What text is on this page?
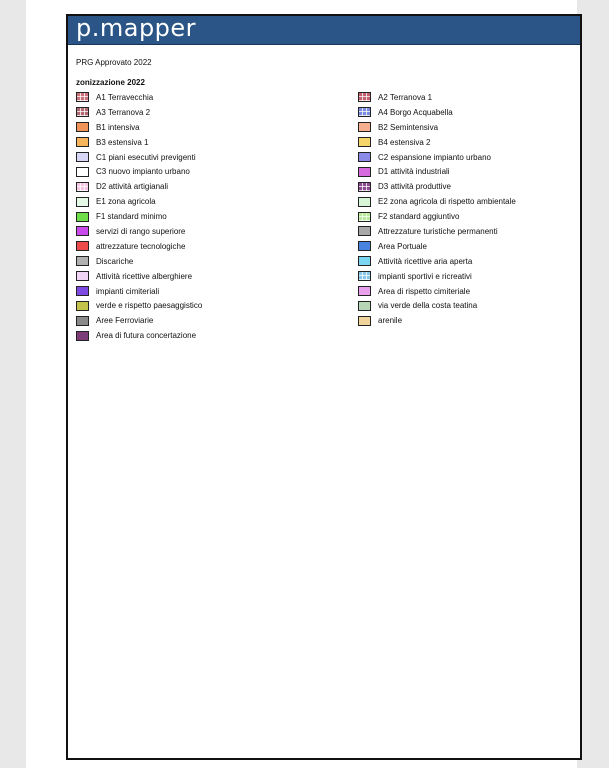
p.mapper
PRG Approvato 2022
zonizzazione 2022
A1 Terravecchia
A3 Terranova 2
B1 intensiva
B3 estensiva 1
C1 piani esecutivi previgenti
C3 nuovo impianto urbano
D2 attività artigianali
E1 zona agricola
F1 standard minimo
servizi di rango superiore
attrezzature tecnologiche
Discariche
Attività ricettive alberghiere
impianti cimiteriali
verde e rispetto paesaggistico
Aree Ferroviarie
Area di futura concertazione
A2 Terranova 1
A4 Borgo Acquabella
B2 Semintensiva
B4 estensiva 2
C2 espansione impianto urbano
D1 attività industriali
D3 attività produttive
E2 zona agricola di rispetto ambientale
F2 standard aggiuntivo
Attrezzature turistiche permanenti
Area Portuale
Attività ricettive aria aperta
impianti sportivi e ricreativi
Area di rispetto cimiteriale
via verde della costa teatina
arenile
